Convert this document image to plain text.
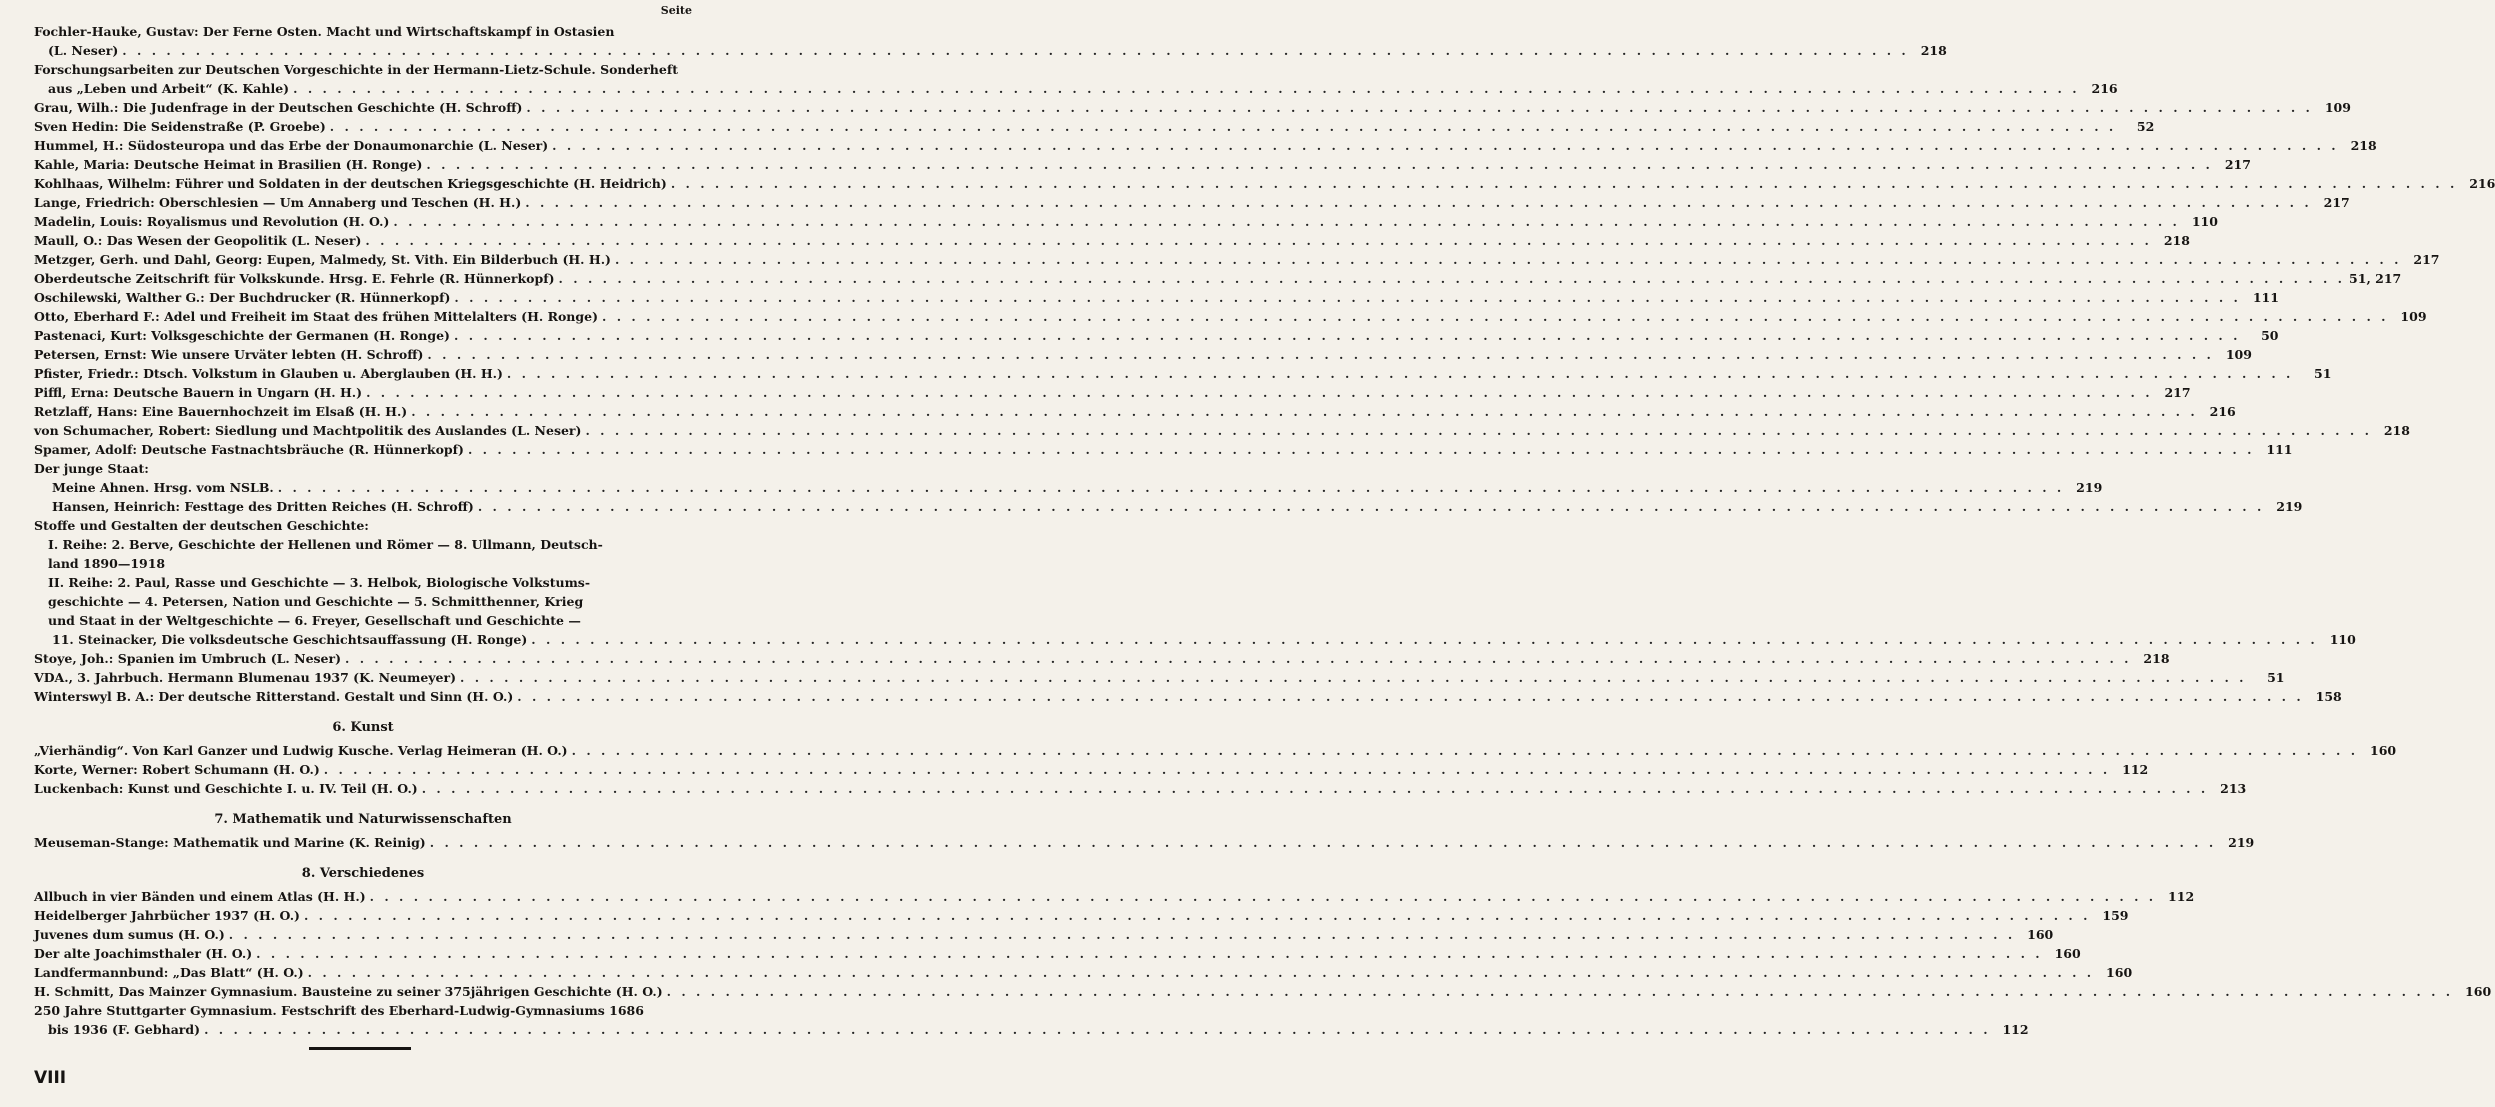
Seite
Fochler-Hauke, Gustav: Der Ferne Osten. Macht und Wirtschaftskampf in Ostasien
(L. Neser) . . .	218
Forschungsarbeiten zur Deutschen Vorgeschichte in der Hermann-Lietz-Schule. Sonderheft
aus „Leben und Arbeit“ (K. Kahle) . . .	216
Grau, Wilh.: Die Judenfrage in der Deutschen Geschichte (H. Schroff) . . .	109
Sven Hedin: Die Seidenstraße (P. Groebe) . . .	52
Hummel, H.: Südosteuropa und das Erbe der Donaumonarchie (L. Neser) . . .	218
Kahle, Maria: Deutsche Heimat in Brasilien (H. Ronge) . . .	217
Kohlhaas, Wilhelm: Führer und Soldaten in der deutschen Kriegsgeschichte (H. Heidrich) . . .	216
Lange, Friedrich: Oberschlesien — Um Annaberg und Teschen (H. H.) . . .	217
Madelin, Louis: Royalismus und Revolution (H. O.) . . .	110
Maull, O.: Das Wesen der Geopolitik (L. Neser) . . .	218
Metzger, Gerh. und Dahl, Georg: Eupen, Malmedy, St. Vith. Ein Bilderbuch (H. H.) . . .	217
Oberdeutsche Zeitschrift für Volkskunde. Hrsg. E. Fehrle (R. Hünnerkopf) . . .	51, 217
Oschilewski, Walther G.: Der Buchdrucker (R. Hünnerkopf) . . .	111
Otto, Eberhard F.: Adel und Freiheit im Staat des frühen Mittelalters (H. Ronge) . . .	109
Pastenaci, Kurt: Volksgeschichte der Germanen (H. Ronge) . . .	50
Petersen, Ernst: Wie unsere Urväter lebten (H. Schroff) . . .	109
Pfister, Friedr.: Dtsch. Volkstum in Glauben u. Aberglauben (H. H.) . . .	51
Piffl, Erna: Deutsche Bauern in Ungarn (H. H.) . . .	217
Retzlaff, Hans: Eine Bauernhochzeit im Elsaß (H. H.) . . .	216
von Schumacher, Robert: Siedlung und Machtpolitik des Auslandes (L. Neser) . . .	218
Spamer, Adolf: Deutsche Fastnachtsbräuche (R. Hünnerkopf) . . .	111
Der junge Staat:
Meine Ahnen. Hrsg. vom NSLB. . . .	219
Hansen, Heinrich: Festtage des Dritten Reiches (H. Schroff) . . .	219
Stoffe und Gestalten der deutschen Geschichte:
I. Reihe: 2. Berve, Geschichte der Hellenen und Römer — 8. Ullmann, Deutsch-
land 1890—1918
II. Reihe: 2. Paul, Rasse und Geschichte — 3. Helbok, Biologische Volkstums-
geschichte — 4. Petersen, Nation und Geschichte — 5. Schmitthenner, Krieg
und Staat in der Weltgeschichte — 6. Freyer, Gesellschaft und Geschichte —
11. Steinacker, Die volksdeutsche Geschichtsauffassung (H. Ronge) . . .	110
Stoye, Joh.: Spanien im Umbruch (L. Neser) . . .	218
VDA., 3. Jahrbuch. Hermann Blumenau 1937 (K. Neumeyer) . . .	51
Winterswyl B. A.: Der deutsche Ritterstand. Gestalt und Sinn (H. O.) . . .	158
6. Kunst
„Vierhändig“. Von Karl Ganzer und Ludwig Kusche. Verlag Heimeran (H. O.) . . .	160
Korte, Werner: Robert Schumann (H. O.) . . .	112
Luckenbach: Kunst und Geschichte I. u. IV. Teil (H. O.) . . .	213
7. Mathematik und Naturwissenschaften
Meuseman-Stange: Mathematik und Marine (K. Reinig) . . .	219
8. Verschiedenes
Allbuch in vier Bänden und einem Atlas (H. H.) . . .	112
Heidelberger Jahrbücher 1937 (H. O.) . . .	159
Juvenes dum sumus (H. O.) . . .	160
Der alte Joachimsthaler (H. O.) . . .	160
Landfermannbund: „Das Blatt“ (H. O.) . . .	160
H. Schmitt, Das Mainzer Gymnasium. Bausteine zu seiner 375jährigen Geschichte (H. O.) . . .	160
250 Jahre Stuttgarter Gymnasium. Festschrift des Eberhard-Ludwig-Gymnasiums 1686
bis 1936 (F. Gebhard) . . .	112
VIII
